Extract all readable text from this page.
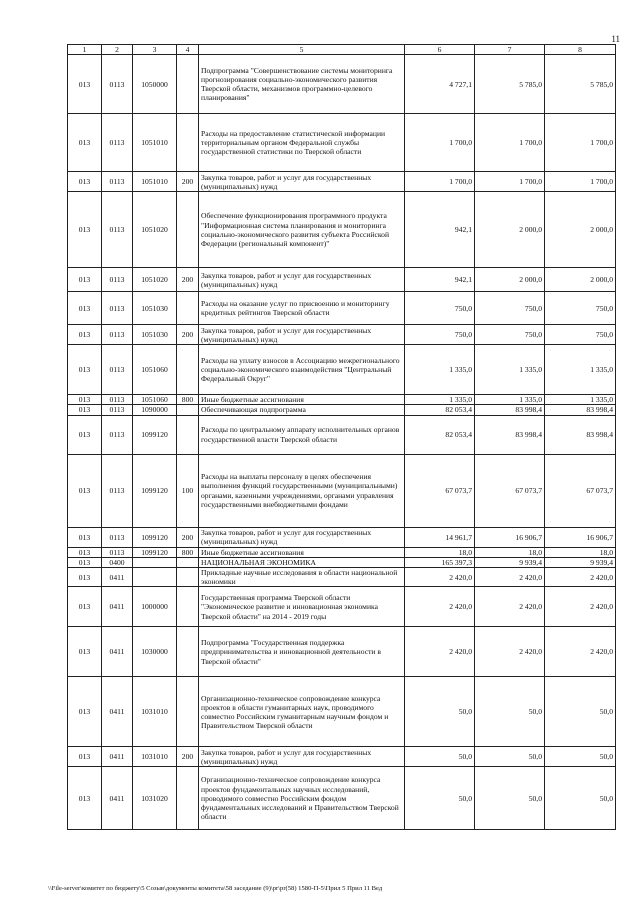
11
1	2	3	4	5	6	7	8
013	0113	1050000		Подпрограмма "Совершенствование системы мониторинга прогнозирования социально-экономического развития Тверской области, механизмов программно-целевого планирования"	4 727,1	5 785,0	5 785,0
013	0113	1051010		Расходы на предоставление статистической информации территориальным органом Федеральной службы государственной статистики по Тверской области	1 700,0	1 700,0	1 700,0
013	0113	1051010	200	Закупка товаров, работ и услуг для государственных (муниципальных) нужд	1 700,0	1 700,0	1 700,0
013	0113	1051020		Обеспечение функционирования программного продукта "Информационная система планирования и мониторинга социально-экономического развития субъекта Российской Федерации (региональный компонент)"	942,1	2 000,0	2 000,0
013	0113	1051020	200	Закупка товаров, работ и услуг для государственных (муниципальных) нужд	942,1	2 000,0	2 000,0
013	0113	1051030		Расходы на оказание услуг по присвоению и мониторингу кредитных рейтингов Тверской области	750,0	750,0	750,0
013	0113	1051030	200	Закупка товаров, работ и услуг для государственных (муниципальных) нужд	750,0	750,0	750,0
013	0113	1051060		Расходы на уплату взносов в Ассоциацию межрегионального социально-экономического взаимодействия "Центральный Федеральный Округ"	1 335,0	1 335,0	1 335,0
013	0113	1051060	800	Иные бюджетные ассигнования	1 335,0	1 335,0	1 335,0
013	0113	1090000		Обеспечивающая подпрограмма	82 053,4	83 998,4	83 998,4
013	0113	1099120		Расходы по центральному аппарату исполнительных органов государственной власти Тверской области	82 053,4	83 998,4	83 998,4
013	0113	1099120	100	Расходы на выплаты персоналу в целях обеспечения выполнения функций государственными (муниципальными) органами, казенными учреждениями, органами управления государственными внебюджетными фондами	67 073,7	67 073,7	67 073,7
013	0113	1099120	200	Закупка товаров, работ и услуг для государственных (муниципальных) нужд	14 961,7	16 906,7	16 906,7
013	0113	1099120	800	Иные бюджетные ассигнования	18,0	18,0	18,0
013	0400			НАЦИОНАЛЬНАЯ ЭКОНОМИКА	165 397,3	9 939,4	9 939,4
013	0411			Прикладные научные исследования в области национальной экономики	2 420,0	2 420,0	2 420,0
013	0411	1000000		Государственная программа Тверской области "Экономическое развитие и инновационная экономика Тверской области" на 2014 - 2019 годы	2 420,0	2 420,0	2 420,0
013	0411	1030000		Подпрограмма "Государственная поддержка предпринимательства и инновационной деятельности в Тверской области"	2 420,0	2 420,0	2 420,0
013	0411	1031010		Организационно-техническое сопровождение конкурса проектов в области гуманитарных наук, проводимого совместно Российским гуманитарным научным фондом и Правительством Тверской области	50,0	50,0	50,0
013	0411	1031010	200	Закупка товаров, работ и услуг для государственных (муниципальных) нужд	50,0	50,0	50,0
013	0411	1031020		Организационно-техническое сопровождение конкурса проектов фундаментальных научных исследований, проводимого совместно Российским фондом фундаментальных исследований и Правительством Тверской области	50,0	50,0	50,0
\\File-server\комитет по бюджету\5 Созыв\документы комитета\58 заседание (9)\pr\pr(58) 1580-П-5\Прил 5 Прил 11 Вед
